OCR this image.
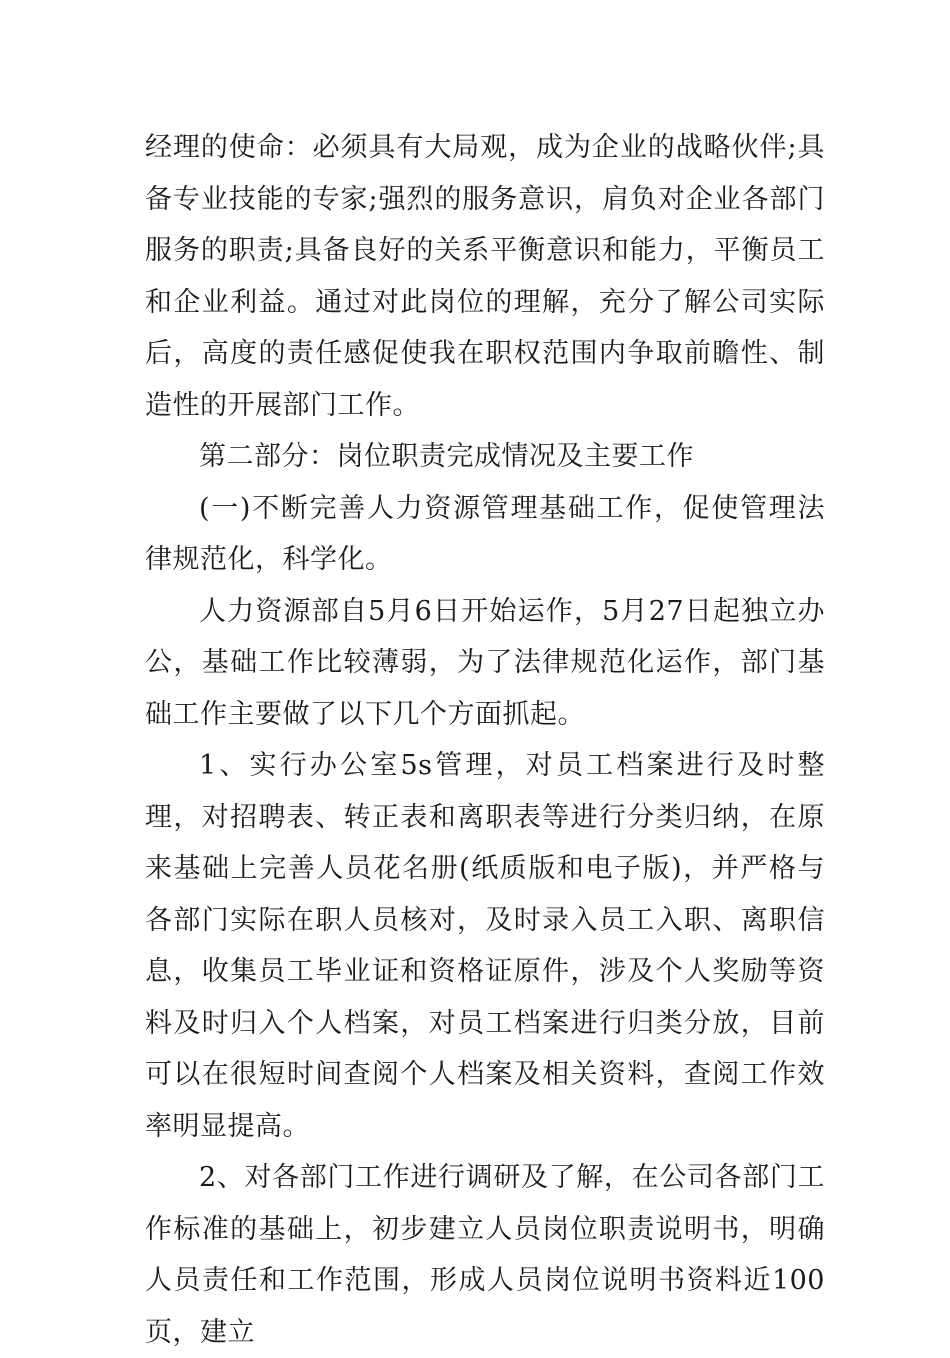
经理的使命：必须具有大局观，成为企业的战略伙伴;具备专业技能的专家;强烈的服务意识，肩负对企业各部门服务的职责;具备良好的关系平衡意识和能力，平衡员工和企业利益。通过对此岗位的理解，充分了解公司实际后，高度的责任感促使我在职权范围内争取前瞻性、制造性的开展部门工作。

第二部分：岗位职责完成情况及主要工作

(一)不断完善人力资源管理基础工作，促使管理法律规范化，科学化。

人力资源部自5月6日开始运作，5月27日起独立办公，基础工作比较薄弱，为了法律规范化运作，部门基础工作主要做了以下几个方面抓起。

1、实行办公室5s管理，对员工档案进行及时整理，对招聘表、转正表和离职表等进行分类归纳，在原来基础上完善人员花名册(纸质版和电子版)，并严格与各部门实际在职人员核对，及时录入员工入职、离职信息，收集员工毕业证和资格证原件，涉及个人奖励等资料及时归入个人档案，对员工档案进行归类分放，目前可以在很短时间查阅个人档案及相关资料，查阅工作效率明显提高。

2、对各部门工作进行调研及了解，在公司各部门工作标准的基础上，初步建立人员岗位职责说明书，明确人员责任和工作范围，形成人员岗位说明书资料近100页，建立
